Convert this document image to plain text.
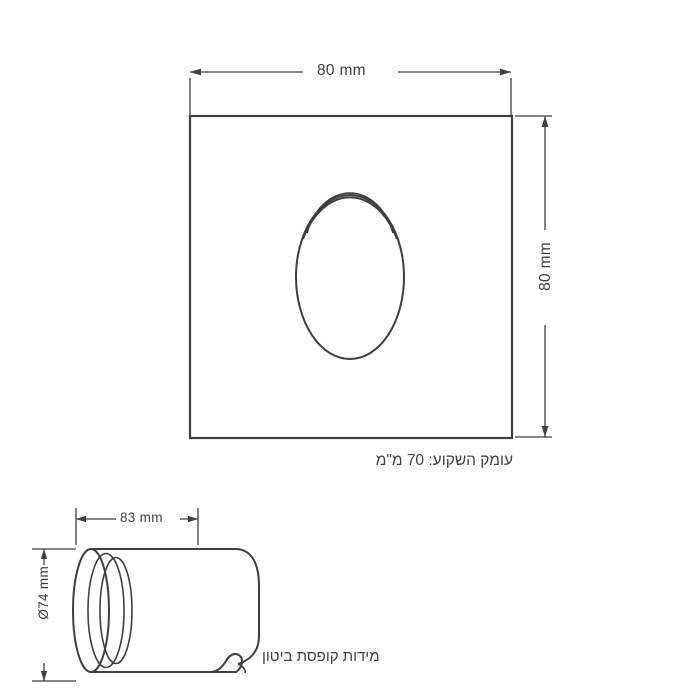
80 mm
80 mm
עומק השקוע: 70 מ"מ
83 mm
Ø74 mm
מידות קופסת ביטון
